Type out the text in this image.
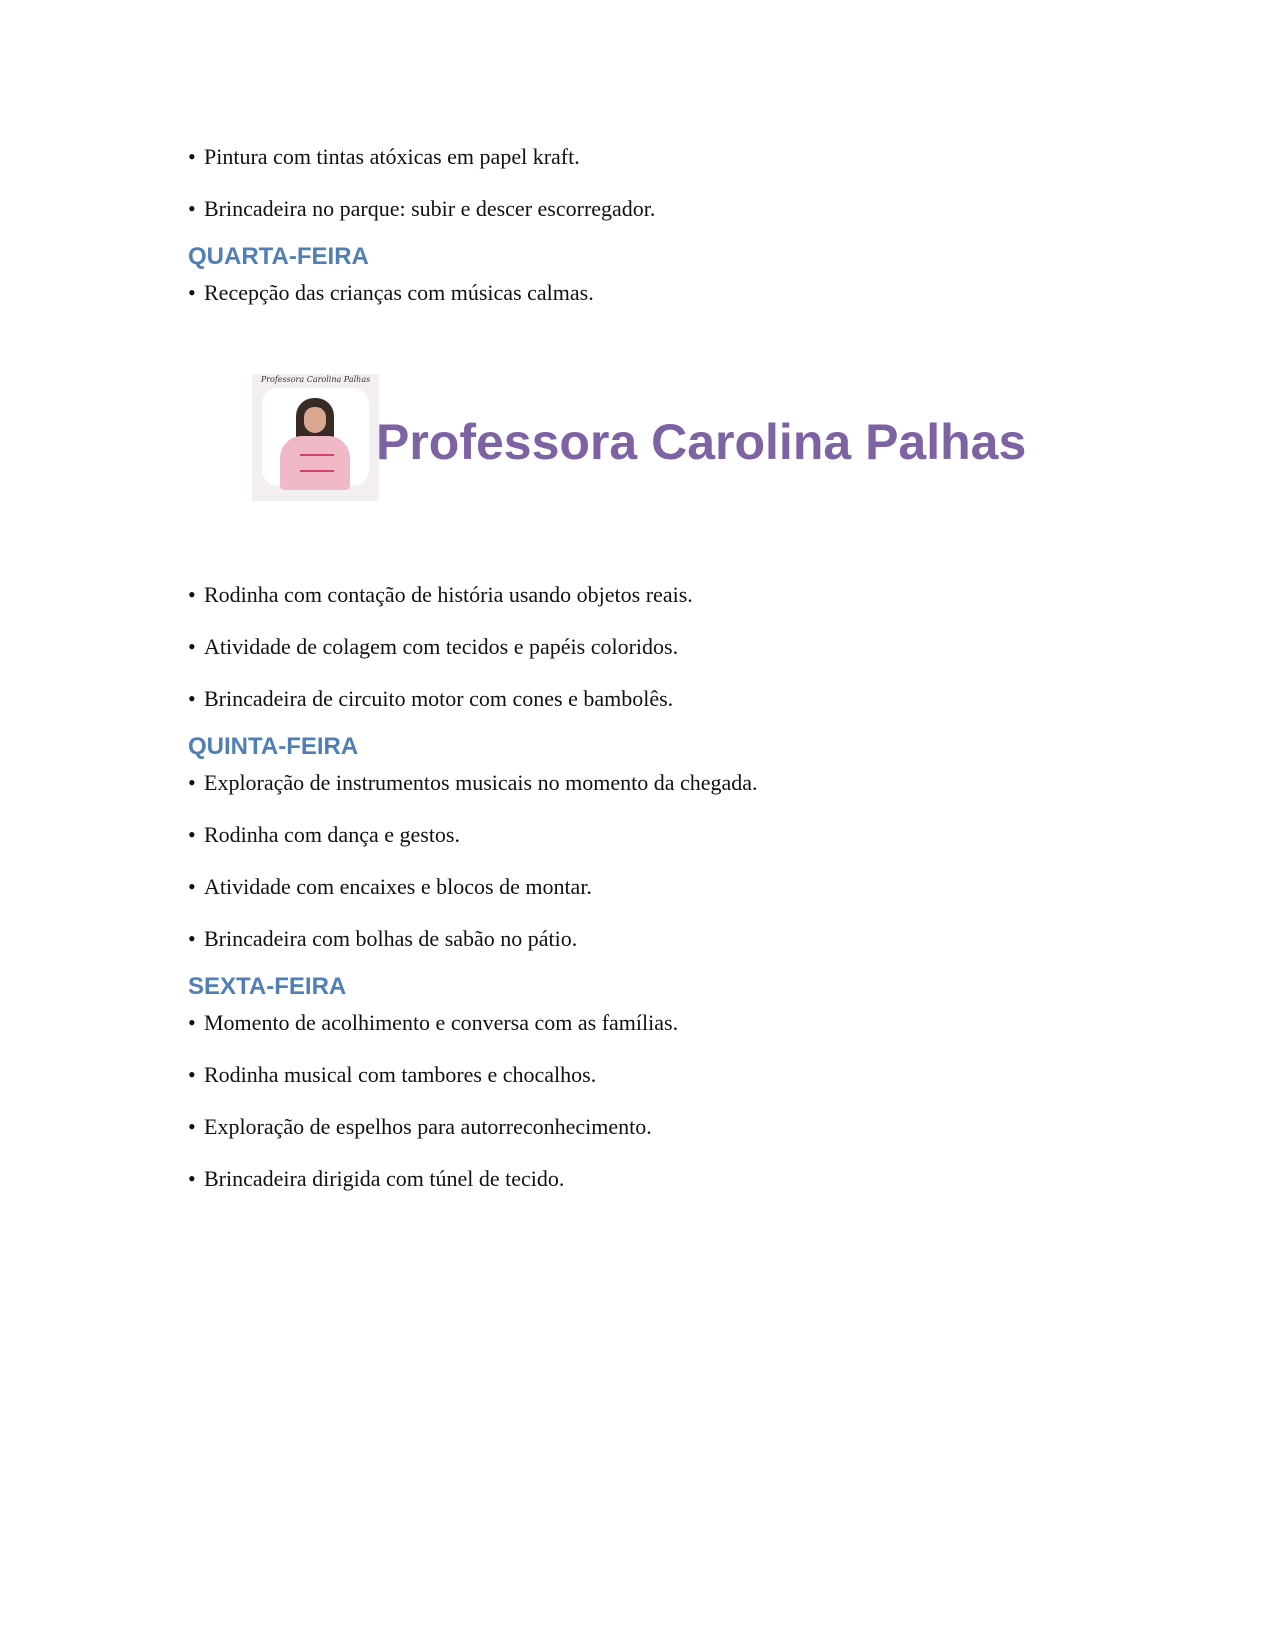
• Pintura com tintas atóxicas em papel kraft.
• Brincadeira no parque: subir e descer escorregador.
QUARTA-FEIRA
• Recepção das crianças com músicas calmas.
Professora Carolina Palhas
Professora Carolina Palhas
• Rodinha com contação de história usando objetos reais.
• Atividade de colagem com tecidos e papéis coloridos.
• Brincadeira de circuito motor com cones e bambolês.
QUINTA-FEIRA
• Exploração de instrumentos musicais no momento da chegada.
• Rodinha com dança e gestos.
• Atividade com encaixes e blocos de montar.
• Brincadeira com bolhas de sabão no pátio.
SEXTA-FEIRA
• Momento de acolhimento e conversa com as famílias.
• Rodinha musical com tambores e chocalhos.
• Exploração de espelhos para autorreconhecimento.
• Brincadeira dirigida com túnel de tecido.
